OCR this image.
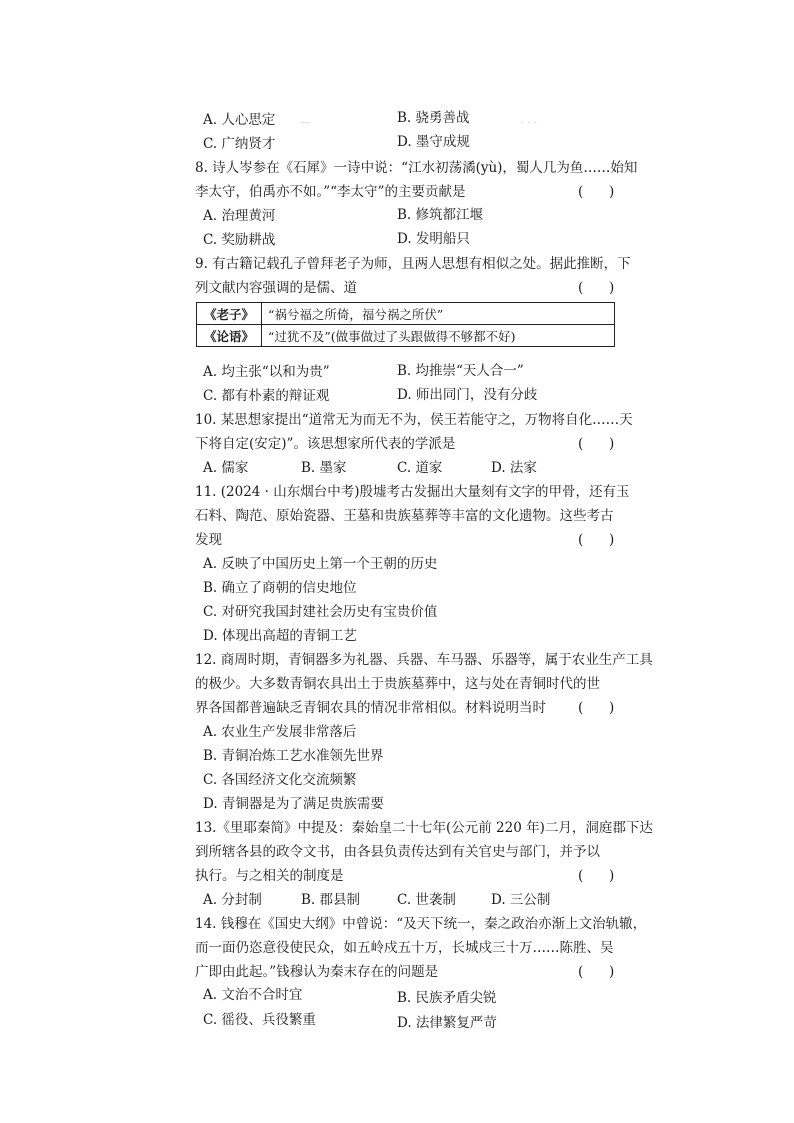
—	· · ·
A. 人心思定	B. 骁勇善战
C. 广纳贤才	D. 墨守成规
8. 诗人岑参在《石犀》一诗中说：“江水初荡潏(yù)，蜀人几为鱼……始知
李太守，伯禹亦不如。”“李太守”的主要贡献是	(      )
A. 治理黄河	B. 修筑都江堰
C. 奖励耕战	D. 发明船只
9. 有古籍记载孔子曾拜老子为师，且两人思想有相似之处。据此推断，下
列文献内容强调的是儒、道	(      )
《老子》	“祸兮福之所倚，福兮祸之所伏”
《论语》	“过犹不及”(做事做过了头跟做得不够都不好)
A. 均主张“以和为贵”	B. 均推崇“天人合一”
C. 都有朴素的辩证观	D. 师出同门，没有分歧
10. 某思想家提出“道常无为而无不为，侯王若能守之，万物将自化……天
下将自定(安定)”。该思想家所代表的学派是	(      )
A. 儒家	B. 墨家	C. 道家	D. 法家
11. (2024 · 山东烟台中考)殷墟考古发掘出大量刻有文字的甲骨，还有玉
石料、陶范、原始瓷器、王墓和贵族墓葬等丰富的文化遗物。这些考古
发现	(      )
A. 反映了中国历史上第一个王朝的历史
B. 确立了商朝的信史地位
C. 对研究我国封建社会历史有宝贵价值
D. 体现出高超的青铜工艺
12. 商周时期，青铜器多为礼器、兵器、车马器、乐器等，属于农业生产工具
的极少。大多数青铜农具出土于贵族墓葬中，这与处在青铜时代的世
界各国都普遍缺乏青铜农具的情况非常相似。材料说明当时 (      )
A. 农业生产发展非常落后
B. 青铜冶炼工艺水准领先世界
C. 各国经济文化交流频繁
D. 青铜器是为了满足贵族需要
13.《里耶秦简》中提及：秦始皇二十七年(公元前 220 年)二月，洞庭郡下达
到所辖各县的政令文书，由各县负责传达到有关官史与部门，并予以
执行。与之相关的制度是	(      )
A. 分封制	B. 郡县制	C. 世袭制	D. 三公制
14. 钱穆在《国史大纲》中曾说：“及天下统一，秦之政治亦渐上文治轨辙，
而一面仍恣意役使民众，如五岭戍五十万，长城戍三十万……陈胜、吴
广即由此起。”钱穆认为秦末存在的问题是	(      )
A. 文治不合时宜	B. 民族矛盾尖锐
C. 徭役、兵役繁重	D. 法律繁复严苛
